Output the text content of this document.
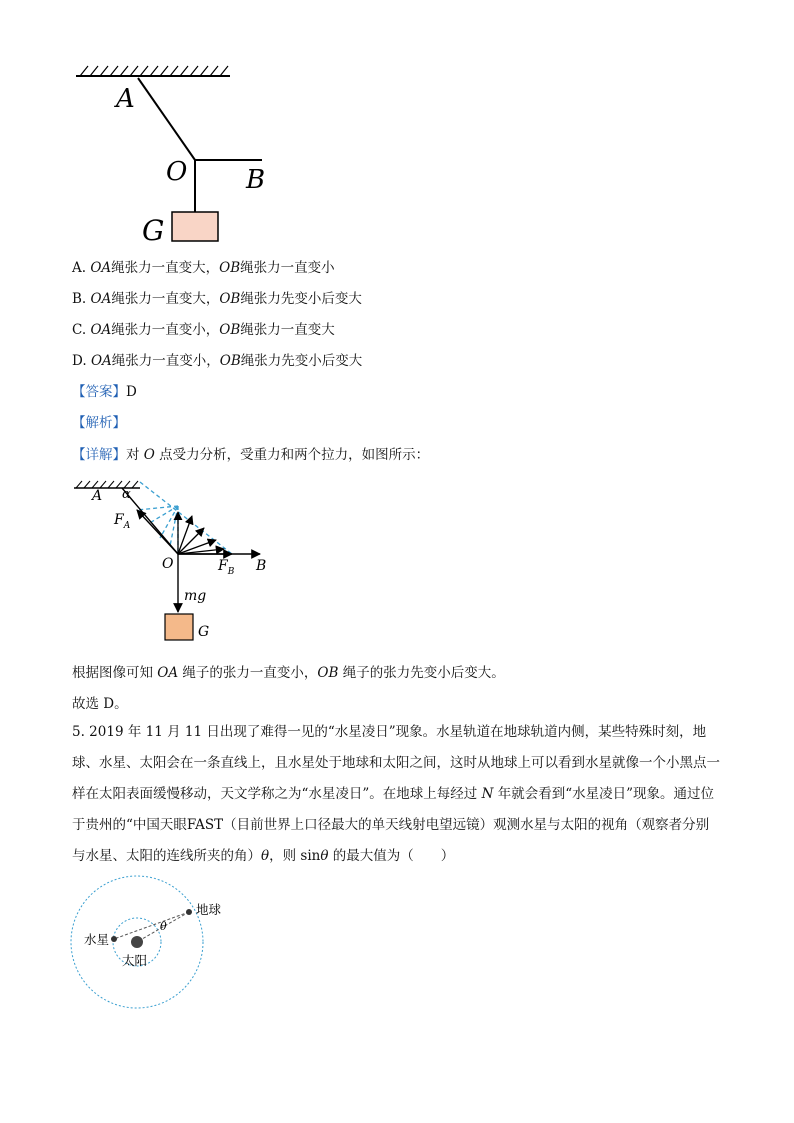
A
O B
G
A. OA绳张力一直变大，OB绳张力一直变小
B. OA绳张力一直变大，OB绳张力先变小后变大
C. OA绳张力一直变小，OB绳张力一直变大
D. OA绳张力一直变小，OB绳张力先变小后变大
【答案】D
【解析】
【详解】对 O 点受力分析，受重力和两个拉力，如图所示：
A α
$F_A$
O	$F_B$ B
mg
G
根据图像可知 OA 绳子的张力一直变小，OB 绳子的张力先变小后变大。
故选 D。
5. 2019 年 11 月 11 日出现了难得一见的“水星凌日”现象。水星轨道在地球轨道内侧，某些特殊时刻，地球、水星、太阳会在一条直线上，且水星处于地球和太阳之间，这时从地球上可以看到水星就像一个小黑点一样在太阳表面缓慢移动，天文学称之为“水星凌日”。在地球上每经过 N 年就会看到“水星凌日”现象。通过位于贵州的“中国天眼FAST（目前世界上口径最大的单天线射电望远镜）观测水星与太阳的视角（观察者分别与水星、太阳的连线所夹的角）θ，则 sinθ 的最大值为（　　）
地球
水星
太阳
θ
